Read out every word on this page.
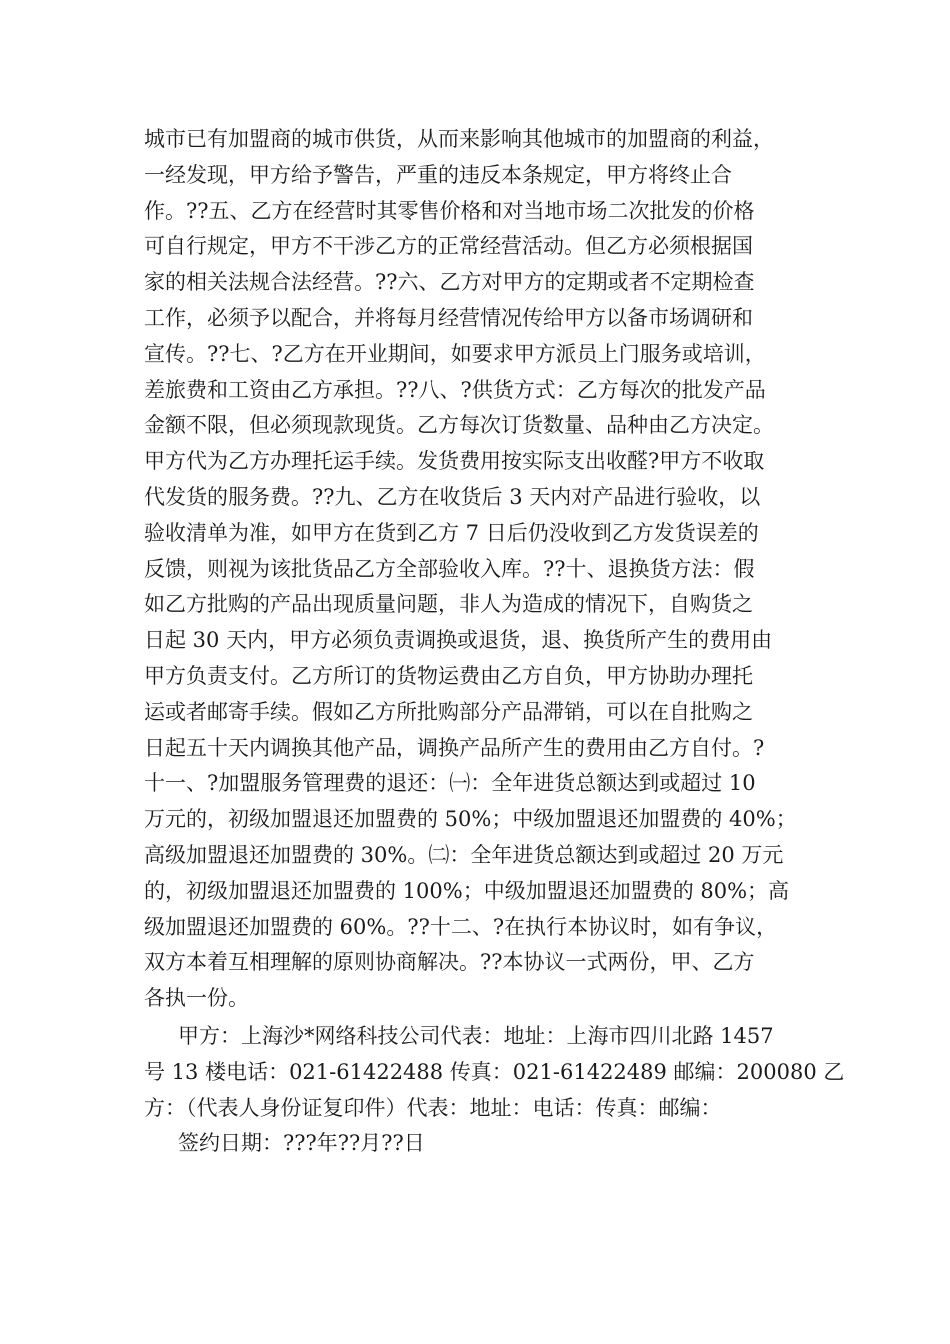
城市已有加盟商的城市供货，从而来影响其他城市的加盟商的利益，
一经发现，甲方给予警告，严重的违反本条规定，甲方将终止合
作。??五、乙方在经营时其零售价格和对当地市场二次批发的价格
可自行规定，甲方不干涉乙方的正常经营活动。但乙方必须根据国
家的相关法规合法经营。??六、乙方对甲方的定期或者不定期检查
工作，必须予以配合，并将每月经营情况传给甲方以备市场调研和
宣传。??七、?乙方在开业期间，如要求甲方派员上门服务或培训，
差旅费和工资由乙方承担。??八、?供货方式：乙方每次的批发产品
金额不限，但必须现款现货。乙方每次订货数量、品种由乙方决定。
甲方代为乙方办理托运手续。发货费用按实际支出收醛?甲方不收取
代发货的服务费。??九、乙方在收货后 3 天内对产品进行验收，以
验收清单为准，如甲方在货到乙方 7 日后仍没收到乙方发货误差的
反馈，则视为该批货品乙方全部验收入库。??十、退换货方法：假
如乙方批购的产品出现质量问题，非人为造成的情况下，自购货之
日起 30 天内，甲方必须负责调换或退货，退、换货所产生的费用由
甲方负责支付。乙方所订的货物运费由乙方自负，甲方协助办理托
运或者邮寄手续。假如乙方所批购部分产品滞销，可以在自批购之
日起五十天内调换其他产品，调换产品所产生的费用由乙方自付。?
十一、?加盟服务管理费的退还：㈠：全年进货总额达到或超过 10
万元的，初级加盟退还加盟费的 50%；中级加盟退还加盟费的 40%；
高级加盟退还加盟费的 30%。㈡：全年进货总额达到或超过 20 万元
的，初级加盟退还加盟费的 100%；中级加盟退还加盟费的 80%；高
级加盟退还加盟费的 60%。??十二、?在执行本协议时，如有争议，
双方本着互相理解的原则协商解决。??本协议一式两份，甲、乙方
各执一份。
甲方：上海沙*网络科技公司代表：地址：上海市四川北路 1457
号 13 楼电话：021-61422488 传真：021-61422489 邮编：200080 乙
方：（代表人身份证复印件）代表：地址：电话：传真：邮编：
签约日期：???年??月??日
